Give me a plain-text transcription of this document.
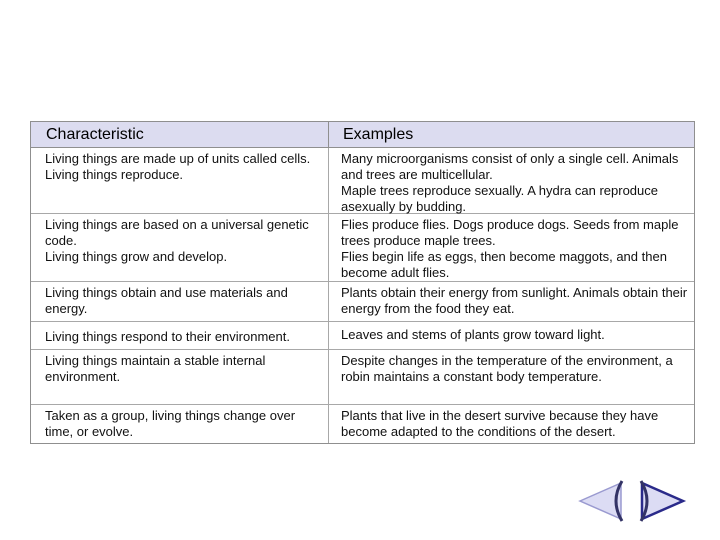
Characteristic	Examples
Living things are made up of units called cells.
Living things reproduce.
Many microorganisms consist of only a single cell. Animals and trees are multicellular.
Maple trees reproduce sexually. A hydra can reproduce asexually by budding.
Living things are based on a universal genetic code.
Living things grow and develop.
Flies produce flies. Dogs produce dogs. Seeds from maple trees produce maple trees.
Flies begin life as eggs, then become maggots, and then become adult flies.
Living things obtain and use materials and energy.
Plants obtain their energy from sunlight. Animals obtain their energy from the food they eat.
Living things respond to their environment.	Leaves and stems of plants grow toward light.
Living things maintain a stable internal environment.
Despite changes in the temperature of the environment, a robin maintains a constant body temperature.
Taken as a group, living things change over time, or evolve.
Plants that live in the desert survive because they have become adapted to the conditions of the desert.
